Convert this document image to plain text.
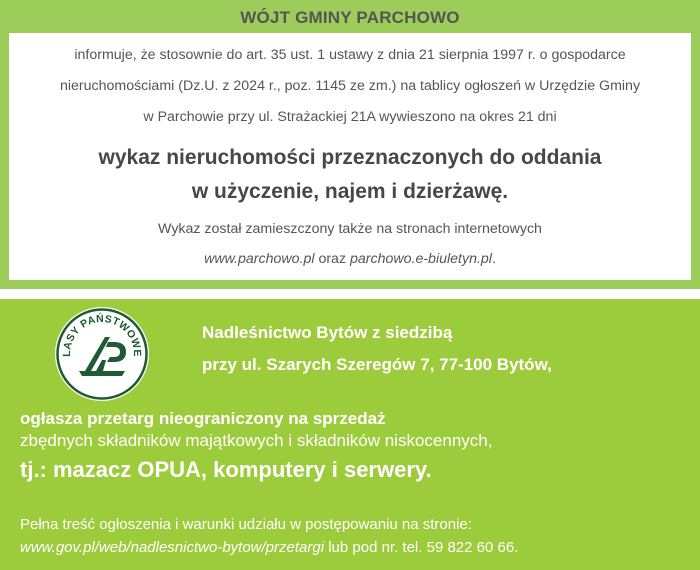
WÓJT GMINY PARCHOWO
informuje, że stosownie do art. 35 ust. 1 ustawy z dnia 21 sierpnia 1997 r. o gospodarce
nieruchomościami (Dz.U. z 2024 r., poz. 1145 ze zm.) na tablicy ogłoszeń w Urzędzie Gminy
w Parchowie przy ul. Strażackiej 21A wywieszono na okres 21 dni
wykaz nieruchomości przeznaczonych do oddania
w użyczenie, najem i dzierżawę.
Wykaz został zamieszczony także na stronach internetowych
www.parchowo.pl oraz parchowo.e-biuletyn.pl.
LASY PAŃSTWOWE
Nadleśnictwo Bytów z siedzibą
przy ul. Szarych Szeregów 7, 77-100 Bytów,
ogłasza przetarg nieograniczony na sprzedaż
zbędnych składników majątkowych i składników niskocennych,
tj.: mazacz OPUA, komputery i serwery.
Pełna treść ogłoszenia i warunki udziału w postępowaniu na stronie:
www.gov.pl/web/nadlesnictwo-bytow/przetargi lub pod nr. tel. 59 822 60 66.
